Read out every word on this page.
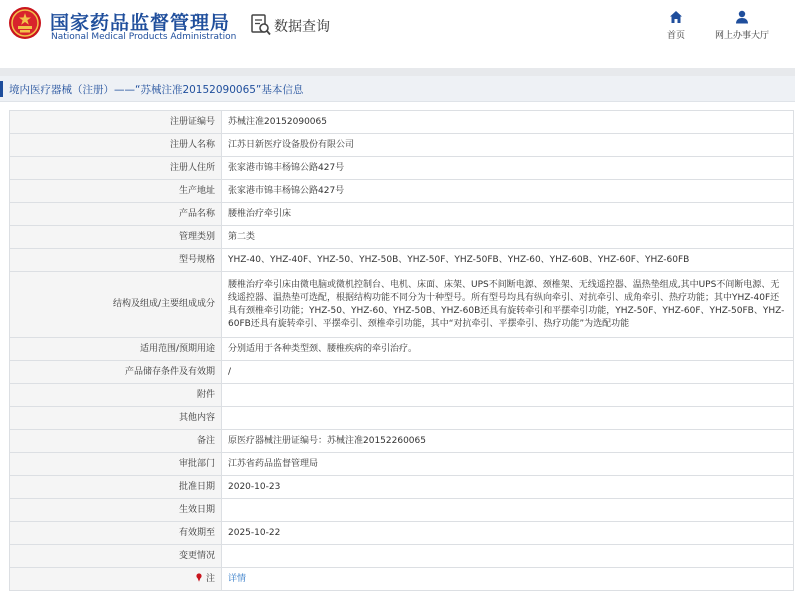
国家药品监督管理局
National Medical Products Administration
数据查询
首页	网上办事大厅
境内医疗器械（注册）——“苏械注准20152090065”基本信息
注册证编号	苏械注准20152090065
注册人名称	江苏日新医疗设备股份有限公司
注册人住所	张家港市锦丰杨锦公路427号
生产地址	张家港市锦丰杨锦公路427号
产品名称	腰椎治疗牵引床
管理类别	第二类
型号规格	YHZ-40、YHZ-40F、YHZ-50、YHZ-50B、YHZ-50F、YHZ-50FB、YHZ-60、YHZ-60B、YHZ-60F、YHZ-60FB
结构及组成/主要组成成分	腰椎治疗牵引床由微电脑或微机控制台、电机、床面、床架、UPS不间断电源、颈椎架、无线遥控器、温热垫组成,其中UPS不间断电源、无线遥控器、温热垫可选配，根据结构功能不同分为十种型号。所有型号均具有纵向牵引、对抗牵引、成角牵引、热疗功能；其中YHZ-40F还具有颈椎牵引功能；YHZ-50、YHZ-60、YHZ-50B、YHZ-60B还具有旋转牵引和平摆牵引功能，YHZ-50F、YHZ-60F、YHZ-50FB、YHZ-60FB还具有旋转牵引、平摆牵引、颈椎牵引功能，其中“对抗牵引、平摆牵引、热疗功能”为选配功能
适用范围/预期用途	分别适用于各种类型颈、腰椎疾病的牵引治疗。
产品储存条件及有效期	/
附件	
其他内容	
备注	原医疗器械注册证编号：苏械注准20152260065
审批部门	江苏省药品监督管理局
批准日期	2020-10-23
生效日期	
有效期至	2025-10-22
变更情况	
注	详情
